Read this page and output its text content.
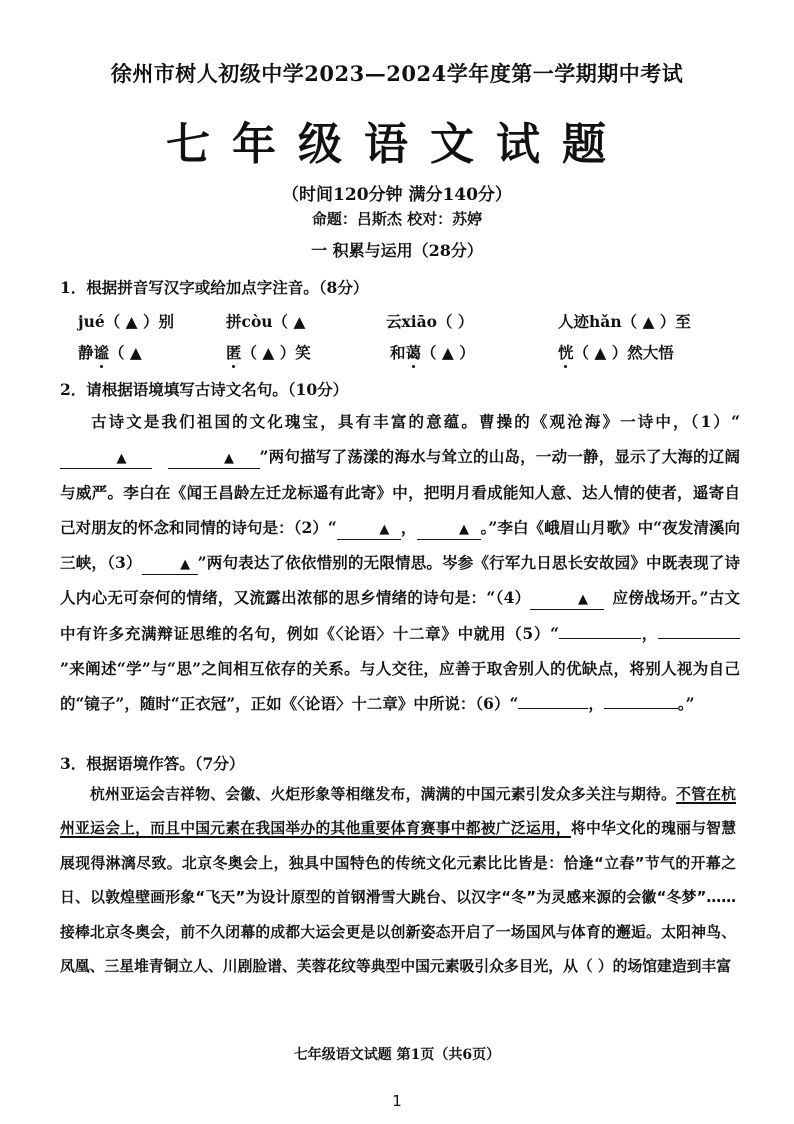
徐州市树人初级中学2023—2024学年度第一学期期中考试
七年级语文试题
（时间120分钟 满分140分）
命题：吕斯杰 校对：苏婷
一 积累与运用（28分）
1．根据拼音写汉字或给加点字注音。（8分）
jué（ ▲ ）别	拼còu（ ▲	云xiāo（ ）	人迹hǎn（ ▲ ）至
静谧（ ▲	匿（ ▲ ）笑	和蔼（ ▲ ）	恍（ ▲ ）然大悟
2．请根据语境填写古诗文名句。（10分）

古诗文是我们祖国的文化瑰宝，具有丰富的意蕴。曹操的《观沧海》一诗中，（1）“▲ 	▲ ”两句描写了荡漾的海水与耸立的山岛，一动一静，显示了大海的辽阔与威严。李白在《闻王昌龄左迁龙标遥有此寄》中，把明月看成能知人意、达人情的使者，遥寄自己对朋友的怀念和同情的诗句是：（2）“	▲ ，	▲ 。”李白《峨眉山月歌》中“夜发清溪向三峡，（3）	▲ ”两句表达了依依惜别的无限情思。岑参《行军九日思长安故园》中既表现了诗人内心无可奈何的情绪，又流露出浓郁的思乡情绪的诗句是：“（4）	▲  应傍战场开。”古文中有许多充满辩证思维的名句，例如《〈论语〉十二章》中就用（5）“	，”来阐述“学”与“思”之间相互依存的关系。与人交往，应善于取舍别人的优缺点，将别人视为自己的“镜子”，随时“正衣冠”，正如《〈论语〉十二章》中所说：（6）“	，	。”

3．根据语境作答。（7分）

杭州亚运会吉祥物、会徽、火炬形象等相继发布，满满的中国元素引发众多关注与期待。不管在杭州亚运会上，而且中国元素在我国举办的其他重要体育赛事中都被广泛运用，将中华文化的瑰丽与智慧展现得淋漓尽致。北京冬奥会上，独具中国特色的传统文化元素比比皆是：恰逢“立春”节气的开幕之日、以敦煌壁画形象“飞天”为设计原型的首钢滑雪大跳台、以汉字“冬”为灵感来源的会徽“冬梦”……接棒北京冬奥会，前不久闭幕的成都大运会更是以创新姿态开启了一场国风与体育的邂逅。太阳神鸟、凤凰、三星堆青铜立人、川剧脸谱、芙蓉花纹等典型中国元素吸引众多目光，从（ ）的场馆建造到丰富

七年级语文试题 第1页（共6页）
1
